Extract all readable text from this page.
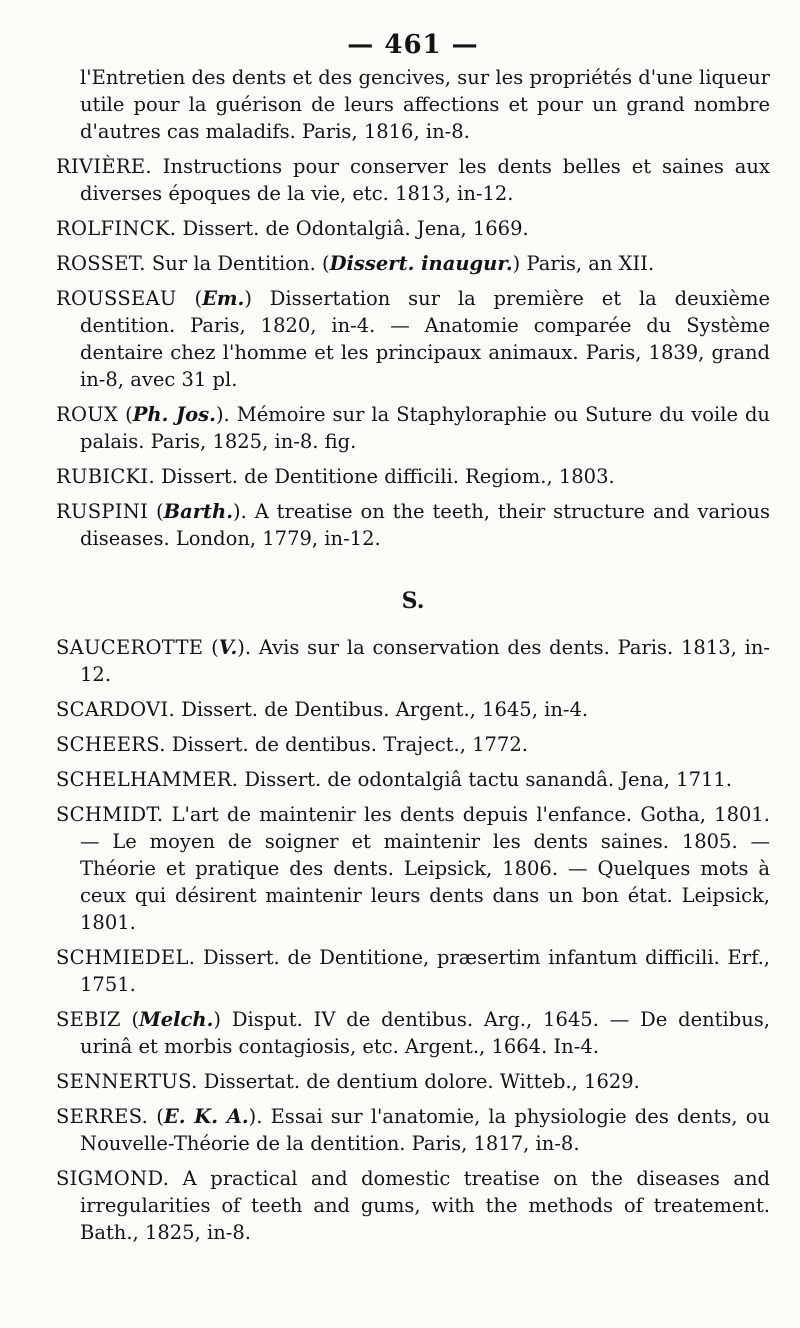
— 461 —

l'Entretien des dents et des gencives, sur les propriétés d'une liqueur utile pour la guérison de leurs affections et pour un grand nombre d'autres cas maladifs. Paris, 1816, in-8.

RIVIÈRE. Instructions pour conserver les dents belles et saines aux diverses époques de la vie, etc. 1813, in-12.

ROLFINCK. Dissert. de Odontalgiâ. Jena, 1669.

ROSSET. Sur la Dentition. (Dissert. inaugur.) Paris, an XII.

ROUSSEAU (Em.) Dissertation sur la première et la deuxième dentition. Paris, 1820, in-4. — Anatomie comparée du Système dentaire chez l'homme et les principaux animaux. Paris, 1839, grand in-8, avec 31 pl.

ROUX (Ph. Jos.). Mémoire sur la Staphyloraphie ou Suture du voile du palais. Paris, 1825, in-8. fig.

RUBICKI. Dissert. de Dentitione difficili. Regiom., 1803.

RUSPINI (Barth.). A treatise on the teeth, their structure and various diseases. London, 1779, in-12.

S.

SAUCEROTTE (V.). Avis sur la conservation des dents. Paris. 1813, in-12.

SCARDOVI. Dissert. de Dentibus. Argent., 1645, in-4.

SCHEERS. Dissert. de dentibus. Traject., 1772.

SCHELHAMMER. Dissert. de odontalgiâ tactu sanandâ. Jena, 1711.

SCHMIDT. L'art de maintenir les dents depuis l'enfance. Gotha, 1801. — Le moyen de soigner et maintenir les dents saines. 1805. — Théorie et pratique des dents. Leipsick, 1806. — Quelques mots à ceux qui désirent maintenir leurs dents dans un bon état. Leipsick, 1801.

SCHMIEDEL. Dissert. de Dentitione, præsertim infantum difficili. Erf., 1751.

SEBIZ (Melch.) Disput. IV de dentibus. Arg., 1645. — De dentibus, urinâ et morbis contagiosis, etc. Argent., 1664. In-4.

SENNERTUS. Dissertat. de dentium dolore. Witteb., 1629.

SERRES. (E. K. A.). Essai sur l'anatomie, la physiologie des dents, ou Nouvelle-Théorie de la dentition. Paris, 1817, in-8.

SIGMOND. A practical and domestic treatise on the diseases and irregularities of teeth and gums, with the methods of treatement. Bath., 1825, in-8.
